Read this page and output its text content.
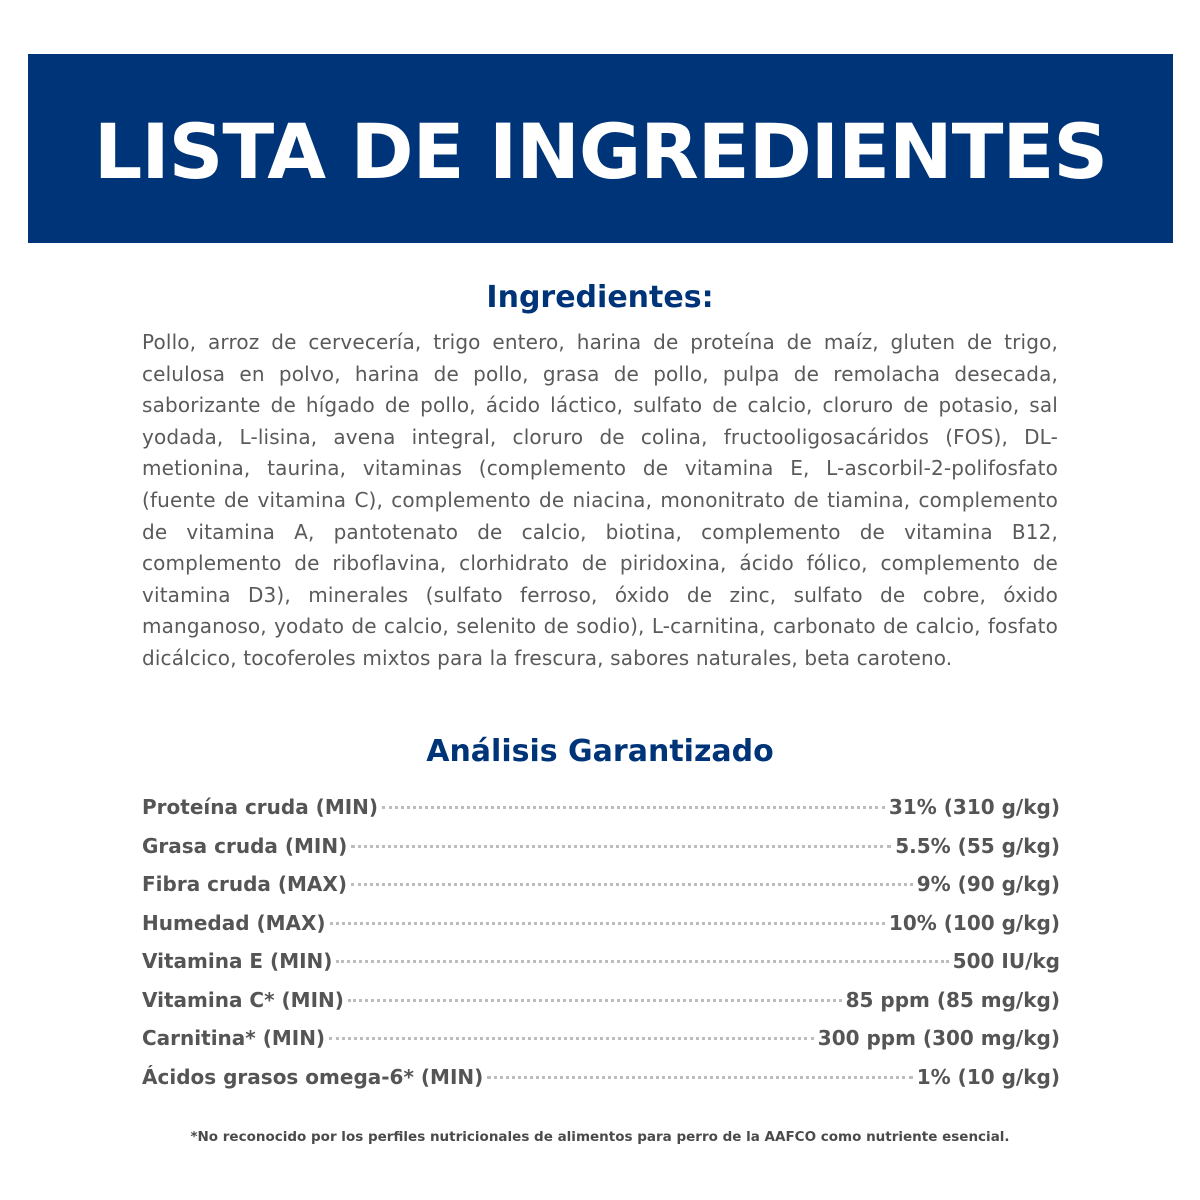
LISTA DE INGREDIENTES
Ingredientes:

Pollo, arroz de cervecería, trigo entero, harina de proteína de maíz, gluten de trigo, celulosa en polvo, harina de pollo, grasa de pollo, pulpa de remolacha desecada, saborizante de hígado de pollo, ácido láctico, sulfato de calcio, cloruro de potasio, sal yodada, L-lisina, avena integral, cloruro de colina, fructooligosacáridos (FOS), DL-metionina, taurina, vitaminas (complemento de vitamina E, L-ascorbil-2-polifosfato (fuente de vitamina C), complemento de niacina, mononitrato de tiamina, complemento de vitamina A, pantotenato de calcio, biotina, complemento de vitamina B12, complemento de riboflavina, clorhidrato de piridoxina, ácido fólico, complemento de vitamina D3), minerales (sulfato ferroso, óxido de zinc, sulfato de cobre, óxido manganoso, yodato de calcio, selenito de sodio), L-carnitina, carbonato de calcio, fosfato dicálcico, tocoferoles mixtos para la frescura, sabores naturales, beta caroteno.

Análisis Garantizado
Proteína cruda (MIN)	31% (310 g/kg)
Grasa cruda (MIN)	5.5% (55 g/kg)
Fibra cruda (MAX)	9% (90 g/kg)
Humedad (MAX)	10% (100 g/kg)
Vitamina E (MIN)	500 IU/kg
Vitamina C* (MIN)	85 ppm (85 mg/kg)
Carnitina* (MIN)	300 ppm (300 mg/kg)
Ácidos grasos omega-6* (MIN)	1% (10 g/kg)
*No reconocido por los perfiles nutricionales de alimentos para perro de la AAFCO como nutriente esencial.
